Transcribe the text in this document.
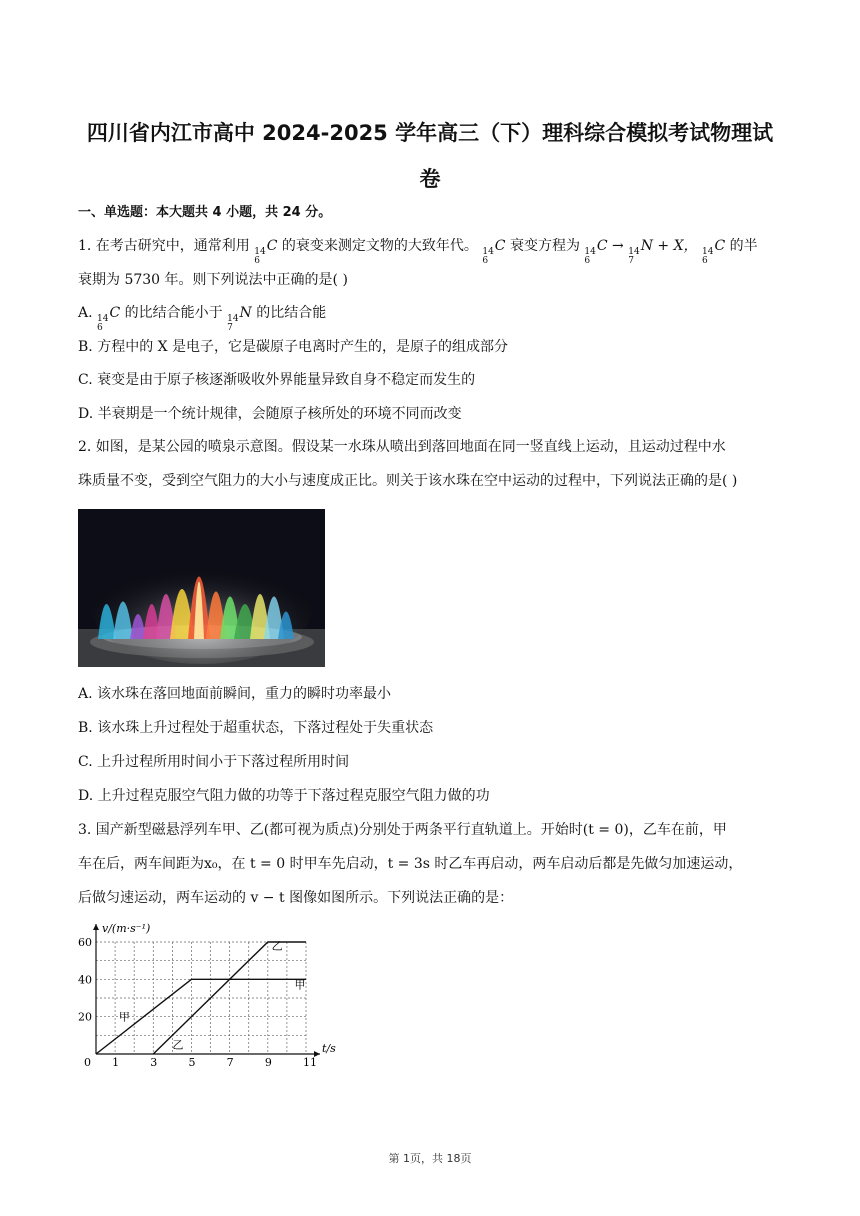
四川省内江市高中 2024-2025 学年高三（下）理科综合模拟考试物理试
卷
一、单选题：本大题共 4 小题，共 24 分。
1. 在考古研究中，通常利用 14
6
C 的衰变来测定文物的大致年代。 14
6
C 衰变方程为 14
6
C → 14
7
N + X， 14
6
C 的半
衰期为 5730 年。则下列说法中正确的是( )
A. 14
6
C 的比结合能小于 14
7
N 的比结合能
B. 方程中的 X 是电子，它是碳原子电离时产生的，是原子的组成部分
C. 衰变是由于原子核逐渐吸收外界能量异致自身不稳定而发生的
D. 半衰期是一个统计规律，会随原子核所处的环境不同而改变
2. 如图，是某公园的喷泉示意图。假设某一水珠从喷出到落回地面在同一竖直线上运动，且运动过程中水
珠质量不变，受到空气阻力的大小与速度成正比。则关于该水珠在空中运动的过程中，下列说法正确的是( )
A. 该水珠在落回地面前瞬间，重力的瞬时功率最小
B. 该水珠上升过程处于超重状态，下落过程处于失重状态
C. 上升过程所用时间小于下落过程所用时间
D. 上升过程克服空气阻力做的功等于下落过程克服空气阻力做的功
3. 国产新型磁悬浮列车甲、乙(都可视为质点)分别处于两条平行直轨道上。开始时(t = 0)，乙车在前，甲
车在后，两车间距为x₀，在 t = 0 时甲车先启动，t = 3s 时乙车再启动，两车启动后都是先做匀加速运动，
后做匀速运动，两车运动的 v − t 图像如图所示。下列说法正确的是：
v/(m·s⁻¹)
t/s
0 1	3	5	7	9	11
20
40
60
甲
甲
乙
乙
第 1页，共 18页
